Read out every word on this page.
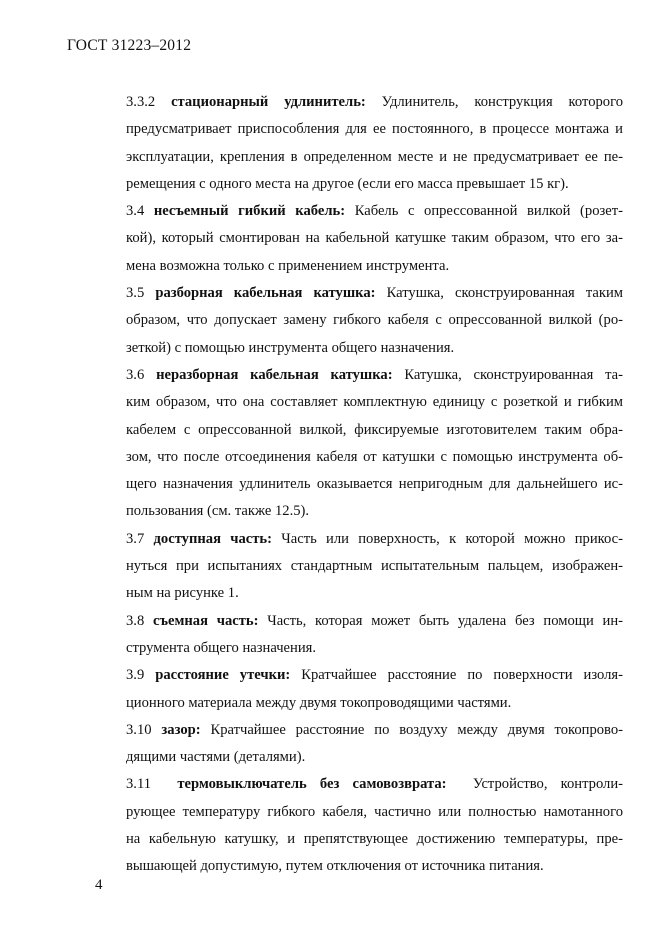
ГОСТ 31223–2012
3.3.2 стационарный удлинитель: Удлинитель, конструкция которого
предусматривает приспособления для ее постоянного, в процессе монтажа и
эксплуатации, крепления в определенном месте и не предусматривает ее пе-
ремещения с одного места на другое (если его масса превышает 15 кг).
3.4 несъемный гибкий кабель: Кабель с опрессованной вилкой (розет-
кой), который смонтирован на кабельной катушке таким образом, что его за-
мена возможна только с применением инструмента.
3.5 разборная кабельная катушка: Катушка, сконструированная таким
образом, что допускает замену гибкого кабеля с опрессованной вилкой (ро-
зеткой) с помощью инструмента общего назначения.
3.6 неразборная кабельная катушка: Катушка, сконструированная та-
ким образом, что она составляет комплектную единицу с розеткой и гибким
кабелем с опрессованной вилкой, фиксируемые изготовителем таким обра-
зом, что после отсоединения кабеля от катушки с помощью инструмента об-
щего назначения удлинитель оказывается непригодным для дальнейшего ис-
пользования (см. также 12.5).
3.7 доступная часть: Часть или поверхность, к которой можно прикос-
нуться при испытаниях стандартным испытательным пальцем, изображен-
ным на рисунке 1.
3.8 съемная часть: Часть, которая может быть удалена без помощи ин-
струмента общего назначения.
3.9 расстояние утечки: Кратчайшее расстояние по поверхности изоля-
ционного материала между двумя токопроводящими частями.
3.10 зазор: Кратчайшее расстояние по воздуху между двумя токопрово-
дящими частями (деталями).
3.11 термовыключатель без самовозврата: Устройство, контроли-
рующее температуру гибкого кабеля, частично или полностью намотанного
на кабельную катушку, и препятствующее достижению температуры, пре-
вышающей допустимую, путем отключения от источника питания.
4
